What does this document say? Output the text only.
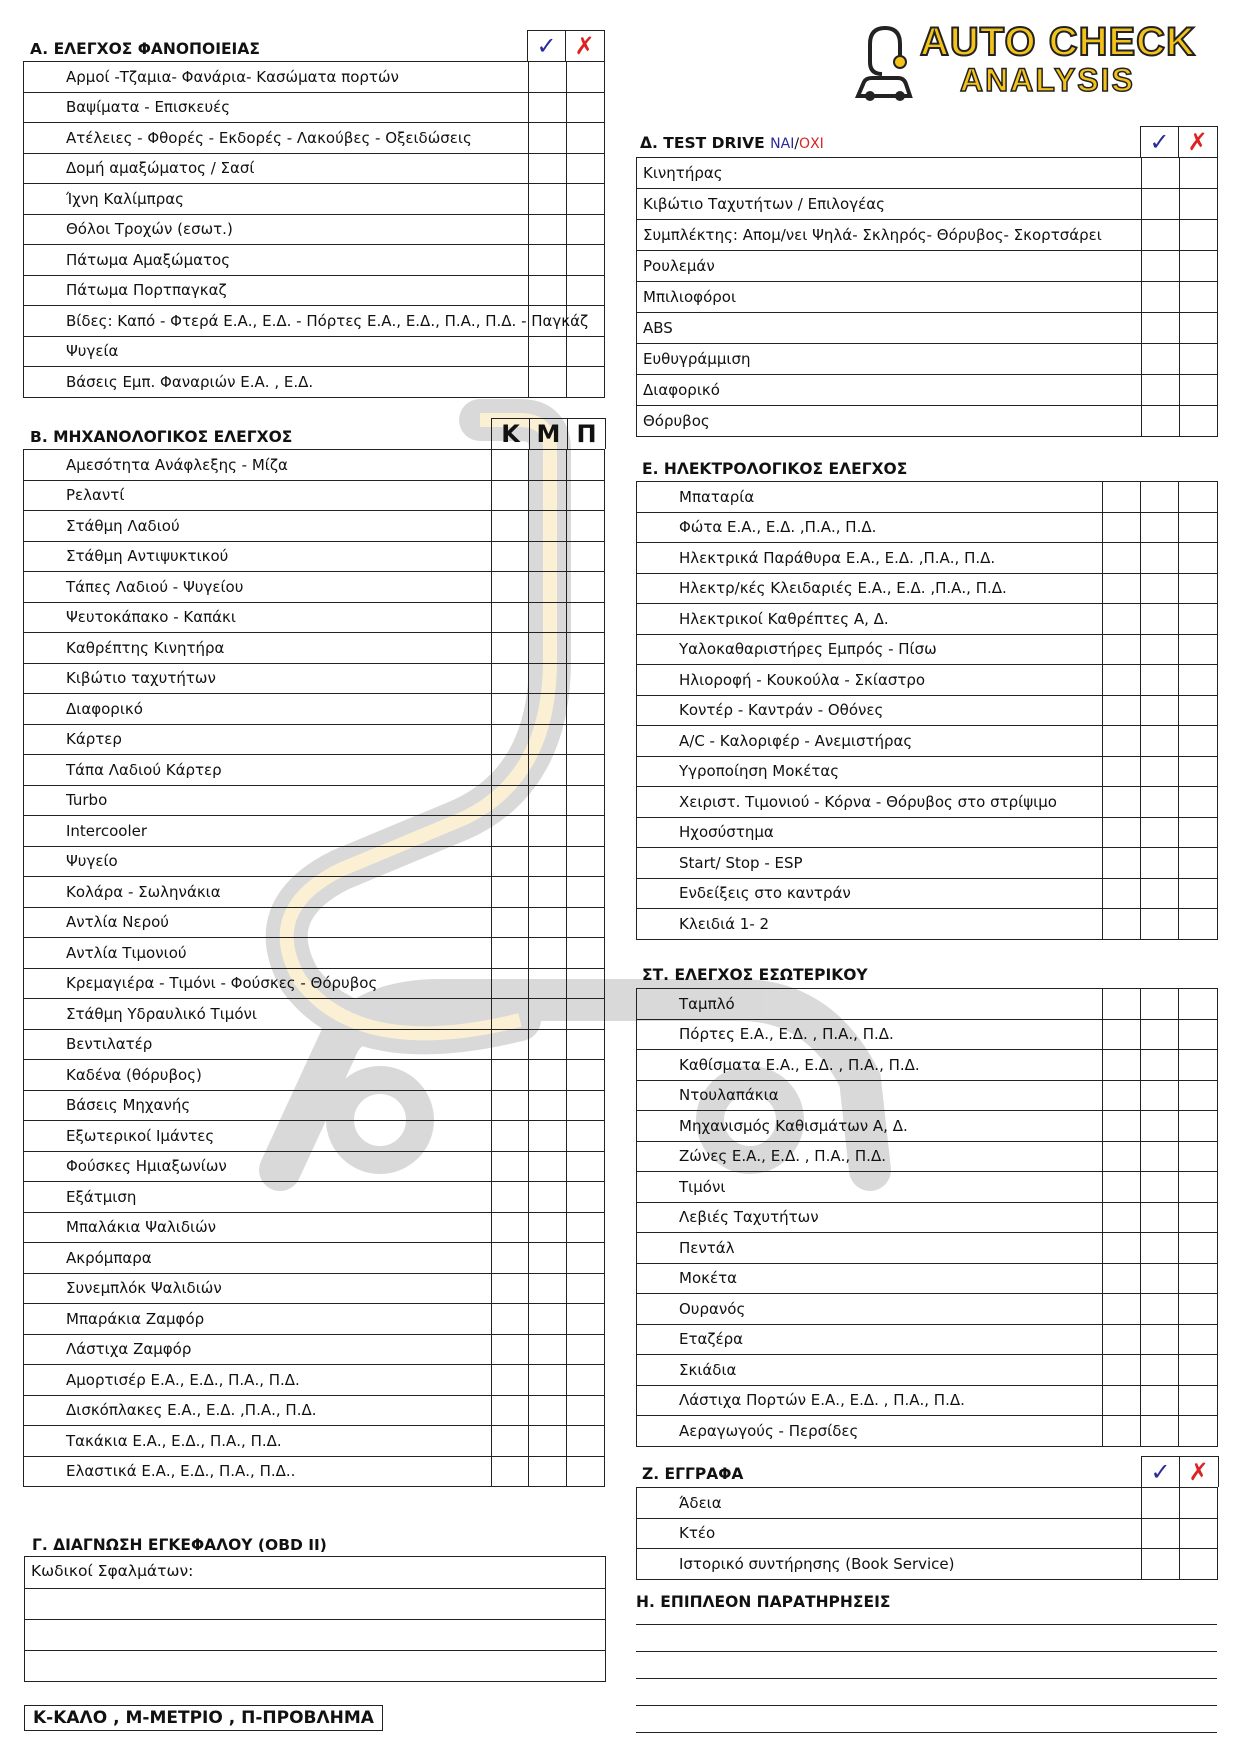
AUTO CHECK
ANALYSIS
A. ΕΛΕΓΧΟΣ ΦΑΝΟΠΟΙΕΙΑΣ	✓ ✗
Αρμοί -Τζαμια- Φανάρια- Κασώματα πορτών		
Βαψίματα - Επισκευές		
Ατέλειες - Φθορές - Εκδορές - Λακούβες - Οξειδώσεις		
Δομή αμαξώματος / Σασί		
Ίχνη Καλίμπρας		
Θόλοι Τροχών (εσωτ.)		
Πάτωμα Αμαξώματος		
Πάτωμα Πορτπαγκαζ		
Βίδες: Καπό - Φτερά Ε.Α., Ε.Δ. - Πόρτες Ε.Α., Ε.Δ., Π.Α., Π.Δ. - Παγκάζ		
Ψυγεία		
Βάσεις Εμπ. Φαναριών Ε.Α. , Ε.Δ.		
B. ΜΗΧΑΝΟΛΟΓΙΚΟΣ ΕΛΕΓΧΟΣ	Κ Μ Π
Αμεσότητα Ανάφλεξης - Μίζα			
Ρελαντί			
Στάθμη Λαδιού			
Στάθμη Αντιψυκτικού			
Τάπες Λαδιού - Ψυγείου			
Ψευτοκάπακο - Καπάκι			
Καθρέπτης Κινητήρα			
Κιβώτιο ταχυτήτων			
Διαφορικό			
Κάρτερ			
Τάπα Λαδιού Κάρτερ			
Turbo			
Intercooler			
Ψυγείο			
Κολάρα - Σωληνάκια			
Αντλία Νερού			
Αντλία Τιμονιού			
Κρεμαγιέρα - Τιμόνι - Φούσκες - Θόρυβος			
Στάθμη Υδραυλικό Τιμόνι			
Βεντιλατέρ			
Καδένα (θόρυβος)			
Βάσεις Μηχανής			
Εξωτερικοί Ιμάντες			
Φούσκες Ημιαξωνίων			
Εξάτμιση			
Μπαλάκια Ψαλιδιών			
Ακρόμπαρα			
Συνεμπλόκ Ψαλιδιών			
Μπαράκια Ζαμφόρ			
Λάστιχα Ζαμφόρ			
Αμορτισέρ Ε.Α., Ε.Δ., Π.Α., Π.Δ.			
Δισκόπλακες Ε.Α., Ε.Δ. ,Π.Α., Π.Δ.			
Τακάκια Ε.Α., Ε.Δ., Π.Α., Π.Δ.			
Ελαστικά Ε.Α., Ε.Δ., Π.Α., Π.Δ..			
Γ. ΔΙΑΓΝΩΣΗ ΕΓΚΕΦΑΛΟΥ (OBD II)
Κωδικοί Σφαλμάτων:
Κ-ΚΑΛΟ , Μ-ΜΕΤΡΙΟ , Π-ΠΡΟΒΛΗΜΑ
Δ. TEST DRIVE ΝΑΙ/ΟΧΙ	✓ ✗
Κινητήρας		
Κιβώτιο Ταχυτήτων / Επιλογέας		
Συμπλέκτης: Απομ/νει Ψηλά- Σκληρός- Θόρυβος- Σκορτσάρει		
Ρουλεμάν		
Μπιλιοφόροι		
ABS		
Ευθυγράμμιση		
Διαφορικό		
Θόρυβος		
Ε. ΗΛΕΚΤΡΟΛΟΓΙΚΟΣ ΕΛΕΓΧΟΣ
Μπαταρία			
Φώτα Ε.Α., Ε.Δ. ,Π.Α., Π.Δ.			
Ηλεκτρικά Παράθυρα Ε.Α., Ε.Δ. ,Π.Α., Π.Δ.			
Ηλεκτρ/κές Κλειδαριές Ε.Α., Ε.Δ. ,Π.Α., Π.Δ.			
Ηλεκτρικοί Καθρέπτες Α, Δ.			
Υαλοκαθαριστήρες Εμπρός - Πίσω			
Ηλιοροφή - Κουκούλα - Σκίαστρο			
Κοντέρ - Καντράν - Οθόνες			
A/C - Καλοριφέρ - Ανεμιστήρας			
Υγροποίηση Μοκέτας			
Χειριστ. Τιμονιού - Κόρνα - Θόρυβος στο στρίψιμο			
Ηχοσύστημα			
Start/ Stop - ESP			
Ενδείξεις στο καντράν			
Κλειδιά 1- 2			
ΣΤ. ΕΛΕΓΧΟΣ ΕΣΩΤΕΡΙΚΟΥ
Ταμπλό			
Πόρτες Ε.Α., Ε.Δ. , Π.Α., Π.Δ.			
Καθίσματα Ε.Α., Ε.Δ. , Π.Α., Π.Δ.			
Ντουλαπάκια			
Μηχανισμός Καθισμάτων Α, Δ.			
Ζώνες Ε.Α., Ε.Δ. , Π.Α., Π.Δ.			
Τιμόνι			
Λεβιές Ταχυτήτων			
Πεντάλ			
Μοκέτα			
Ουρανός			
Εταζέρα			
Σκιάδια			
Λάστιχα Πορτών Ε.Α., Ε.Δ. , Π.Α., Π.Δ.			
Αεραγωγούς - Περσίδες			
Ζ. ΕΓΓΡΑΦΑ	✓ ✗
Άδεια		
Κτέο		
Ιστορικό συντήρησης (Book Service)		
Η. ΕΠΙΠΛΕΟΝ ΠΑΡΑΤΗΡΗΣΕΙΣ
